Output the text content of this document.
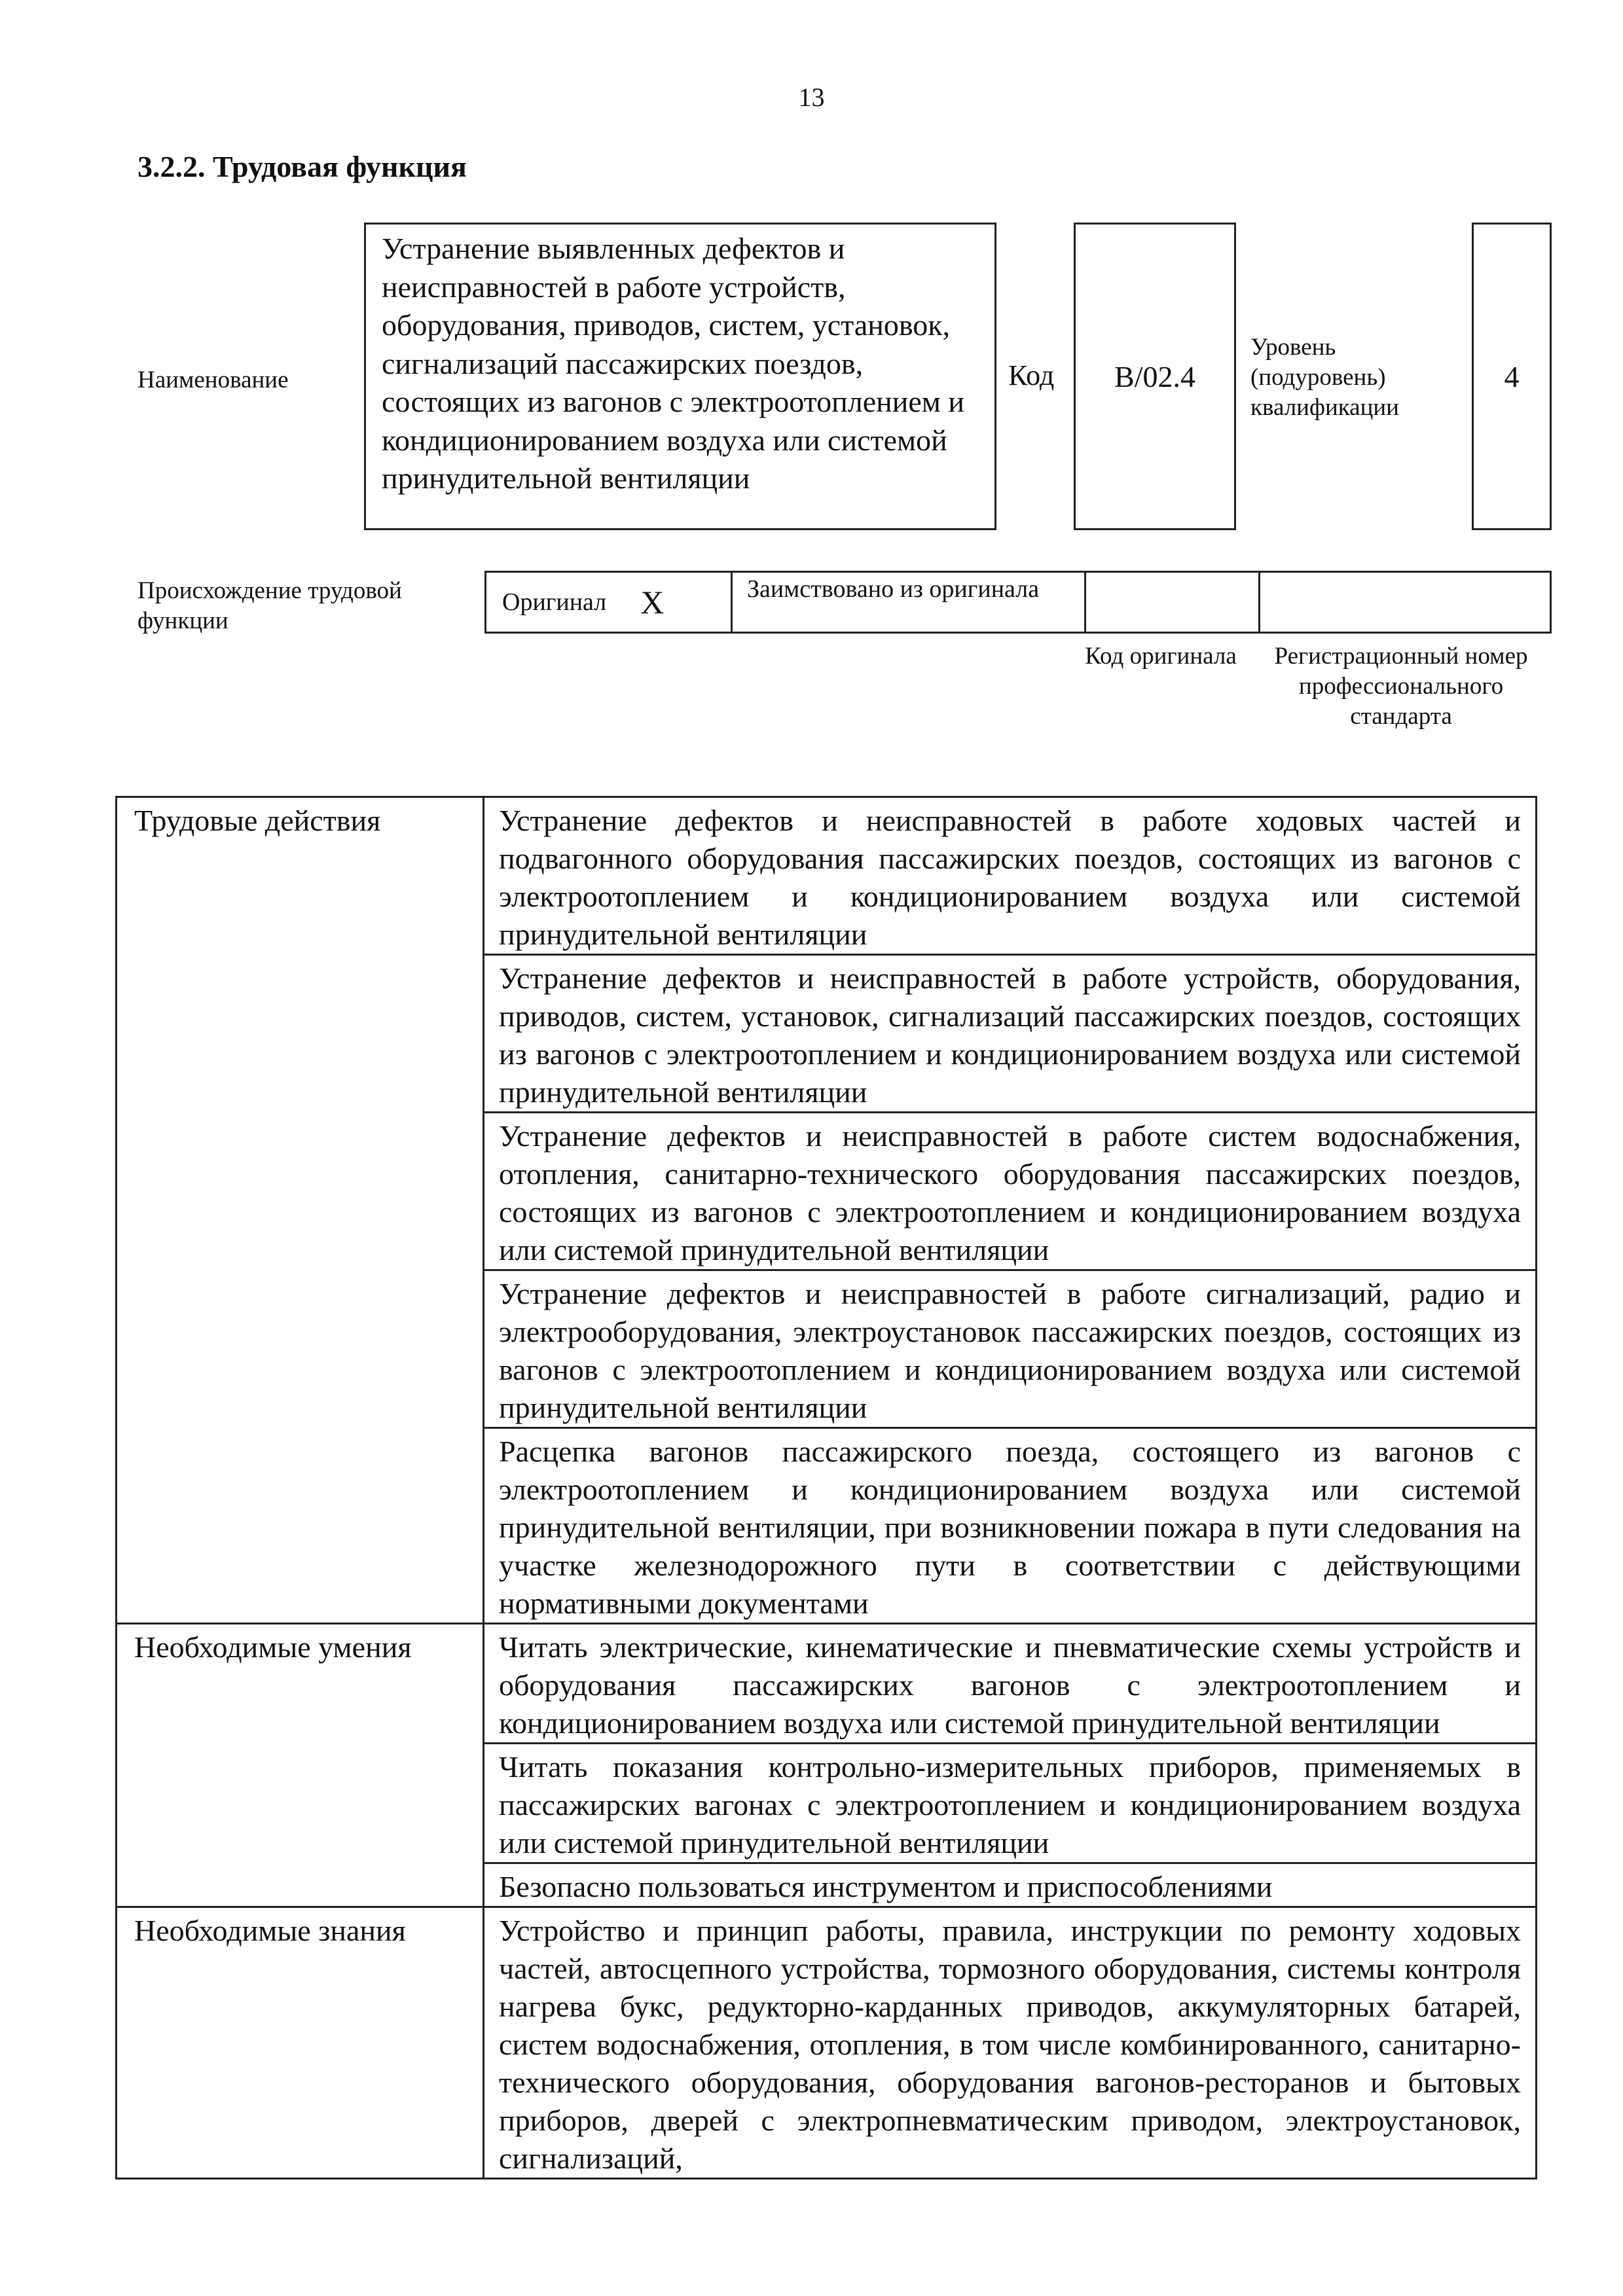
13
3.2.2. Трудовая функция
Наименование
Устранение выявленных дефектов и неисправностей в работе устройств, оборудования, приводов, систем, установок, сигнализаций пассажирских поездов, состоящих из вагонов с электроотоплением и кондиционированием воздуха или системой принудительной вентиляции
Код	B/02.4
Уровень (подуровень) квалификации
4
Происхождение трудовой функции
Оригинал X	Заимствовано из оригинала
Код оригинала	Регистрационный номер профессионального стандарта
Трудовые действия	Устранение дефектов и неисправностей в работе ходовых частей и подвагонного оборудования пассажирских поездов, состоящих из вагонов с электроотоплением и кондиционированием воздуха или системой принудительной вентиляции
	Устранение дефектов и неисправностей в работе устройств, оборудования, приводов, систем, установок, сигнализаций пассажирских поездов, состоящих из вагонов с электроотоплением и кондиционированием воздуха или системой принудительной вентиляции
	Устранение дефектов и неисправностей в работе систем водоснабжения, отопления, санитарно-технического оборудования пассажирских поездов, состоящих из вагонов с электроотоплением и кондиционированием воздуха или системой принудительной вентиляции
	Устранение дефектов и неисправностей в работе сигнализаций, радио и электрооборудования, электроустановок пассажирских поездов, состоящих из вагонов с электроотоплением и кондиционированием воздуха или системой принудительной вентиляции
	Расцепка вагонов пассажирского поезда, состоящего из вагонов с электроотоплением и кондиционированием воздуха или системой принудительной вентиляции, при возникновении пожара в пути следования на участке железнодорожного пути в соответствии с действующими нормативными документами
Необходимые умения	Читать электрические, кинематические и пневматические схемы устройств и оборудования пассажирских вагонов с электроотоплением и кондиционированием воздуха или системой принудительной вентиляции
	Читать показания контрольно-измерительных приборов, применяемых в пассажирских вагонах с электроотоплением и кондиционированием воздуха или системой принудительной вентиляции
	Безопасно пользоваться инструментом и приспособлениями
Необходимые знания	Устройство и принцип работы, правила, инструкции по ремонту ходовых частей, автосцепного устройства, тормозного оборудования, системы контроля нагрева букс, редукторно-карданных приводов, аккумуляторных батарей, систем водоснабжения, отопления, в том числе комбинированного, санитарно-технического оборудования, оборудования вагонов-ресторанов и бытовых приборов, дверей с электропневматическим приводом, электроустановок, сигнализаций,
